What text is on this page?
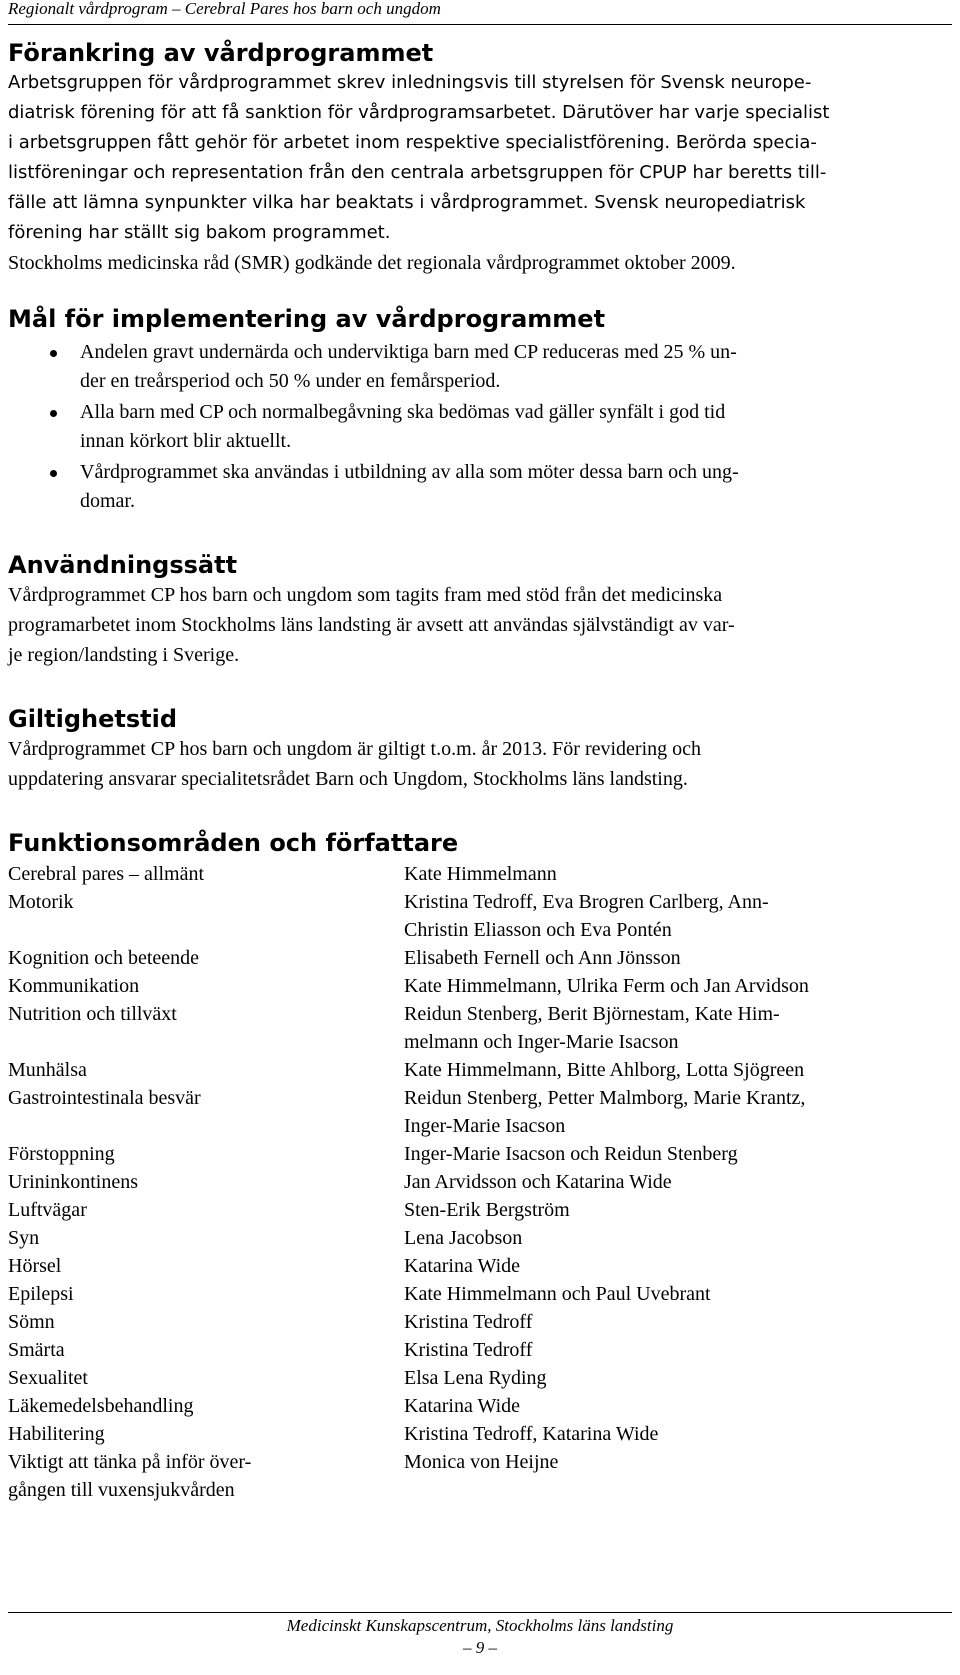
Regionalt vårdprogram – Cerebral Pares hos barn och ungdom
Förankring av vårdprogrammet
Arbetsgruppen för vårdprogrammet skrev inledningsvis till styrelsen för Svensk neurope-
diatrisk förening för att få sanktion för vårdprogramsarbetet. Därutöver har varje specialist
i arbetsgruppen fått gehör för arbetet inom respektive specialistförening. Berörda specia-
listföreningar och representation från den centrala arbetsgruppen för CPUP har beretts till-
fälle att lämna synpunkter vilka har beaktats i vårdprogrammet. Svensk neuropediatrisk
förening har ställt sig bakom programmet.
Stockholms medicinska råd (SMR) godkände det regionala vårdprogrammet oktober 2009.
Mål för implementering av vårdprogrammet
Andelen gravt undernärda och underviktiga barn med CP reduceras med 25 % un-
der en treårsperiod och 50 % under en femårsperiod.
Alla barn med CP och normalbegåvning ska bedömas vad gäller synfält i god tid
innan körkort blir aktuellt.
Vårdprogrammet ska användas i utbildning av alla som möter dessa barn och ung-
domar.
Användningssätt
Vårdprogrammet CP hos barn och ungdom som tagits fram med stöd från det medicinska
programarbetet inom Stockholms läns landsting är avsett att användas självständigt av var-
je region/landsting i Sverige.
Giltighetstid
Vårdprogrammet CP hos barn och ungdom är giltigt t.o.m. år 2013. För revidering och
uppdatering ansvarar specialitetsrådet Barn och Ungdom, Stockholms läns landsting.
Funktionsområden och författare
Cerebral pares – allmänt	Kate Himmelmann
Motorik	Kristina Tedroff, Eva Brogren Carlberg, Ann-
Christin Eliasson och Eva Pontén
Kognition och beteende	Elisabeth Fernell och Ann Jönsson
Kommunikation	Kate Himmelmann, Ulrika Ferm och Jan Arvidson
Nutrition och tillväxt	Reidun Stenberg, Berit Björnestam, Kate Him-
melmann och Inger-Marie Isacson
Munhälsa	Kate Himmelmann, Bitte Ahlborg, Lotta Sjögreen
Gastrointestinala besvär	Reidun Stenberg, Petter Malmborg, Marie Krantz,
Inger-Marie Isacson
Förstoppning	Inger-Marie Isacson och Reidun Stenberg
Urininkontinens	Jan Arvidsson och Katarina Wide
Luftvägar	Sten-Erik Bergström
Syn	Lena Jacobson
Hörsel	Katarina Wide
Epilepsi	Kate Himmelmann och Paul Uvebrant
Sömn	Kristina Tedroff
Smärta	Kristina Tedroff
Sexualitet	Elsa Lena Ryding
Läkemedelsbehandling	Katarina Wide
Habilitering	Kristina Tedroff, Katarina Wide
Viktigt att tänka på inför över-	Monica von Heijne
gången till vuxensjukvården
Medicinskt Kunskapscentrum, Stockholms läns landsting
– 9 –
